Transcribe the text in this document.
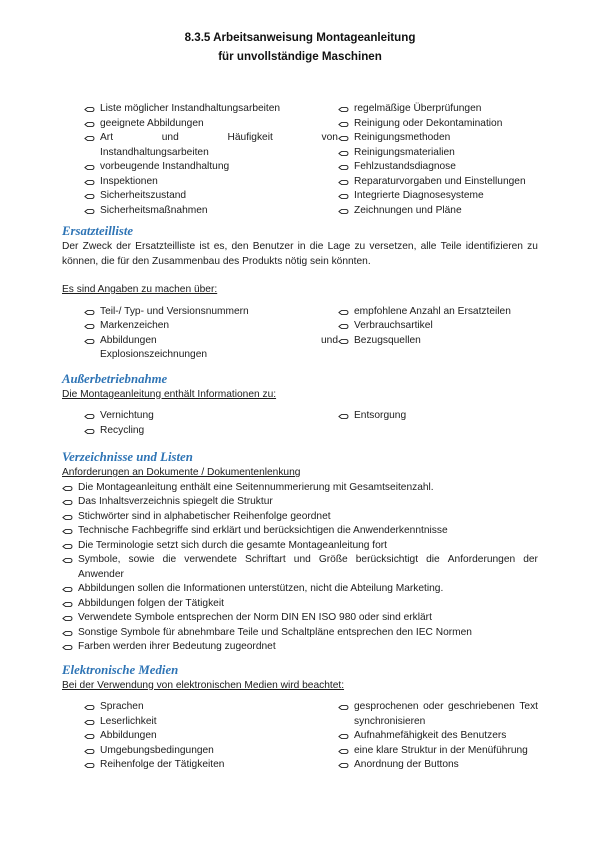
8.3.5 Arbeitsanweisung Montageanleitung
für unvollständige Maschinen
Liste möglicher Instandhaltungsarbeiten
geeignete Abbildungen
Art	und	Häufigkeit	von
Instandhaltungsarbeiten
vorbeugende Instandhaltung
Inspektionen
Sicherheitszustand
Sicherheitsmaßnahmen
regelmäßige Überprüfungen
Reinigung oder Dekontamination
Reinigungsmethoden
Reinigungsmaterialien
Fehlzustandsdiagnose
Reparaturvorgaben und Einstellungen
Integrierte Diagnosesysteme
Zeichnungen und Pläne
Ersatzteilliste
Der Zweck der Ersatzteilliste ist es, den Benutzer in die Lage zu versetzen, alle Teile identifizieren zu
können, die für den Zusammenbau des Produkts nötig sein könnten.
Es sind Angaben zu machen über:
Teil-/ Typ- und Versionsnummern
Markenzeichen
Abbildungen	und
Explosionszeichnungen
empfohlene Anzahl an Ersatzteilen
Verbrauchsartikel
Bezugsquellen
Außerbetriebnahme
Die Montageanleitung enthält Informationen zu:
Vernichtung
Recycling
Entsorgung
Verzeichnisse und Listen
Anforderungen an Dokumente / Dokumentenlenkung
Die Montageanleitung enthält eine Seitennummerierung mit Gesamtseitenzahl.
Das Inhaltsverzeichnis spiegelt die Struktur
Stichwörter sind in alphabetischer Reihenfolge geordnet
Technische Fachbegriffe sind erklärt und berücksichtigen die Anwenderkenntnisse
Die Terminologie setzt sich durch die gesamte Montageanleitung fort
Symbole, sowie die verwendete Schriftart und Größe berücksichtigt die Anforderungen der
Anwender
Abbildungen sollen die Informationen unterstützen, nicht die Abteilung Marketing.
Abbildungen folgen der Tätigkeit
Verwendete Symbole entsprechen der Norm DIN EN ISO 980 oder sind erklärt
Sonstige Symbole für abnehmbare Teile und Schaltpläne entsprechen den IEC Normen
Farben werden ihrer Bedeutung zugeordnet
Elektronische Medien
Bei der Verwendung von elektronischen Medien wird beachtet:
Sprachen
Leserlichkeit
Abbildungen
Umgebungsbedingungen
Reihenfolge der Tätigkeiten
gesprochenen oder geschriebenen Text
synchronisieren
Aufnahmefähigkeit des Benutzers
eine klare Struktur in der Menüführung
Anordnung der Buttons
